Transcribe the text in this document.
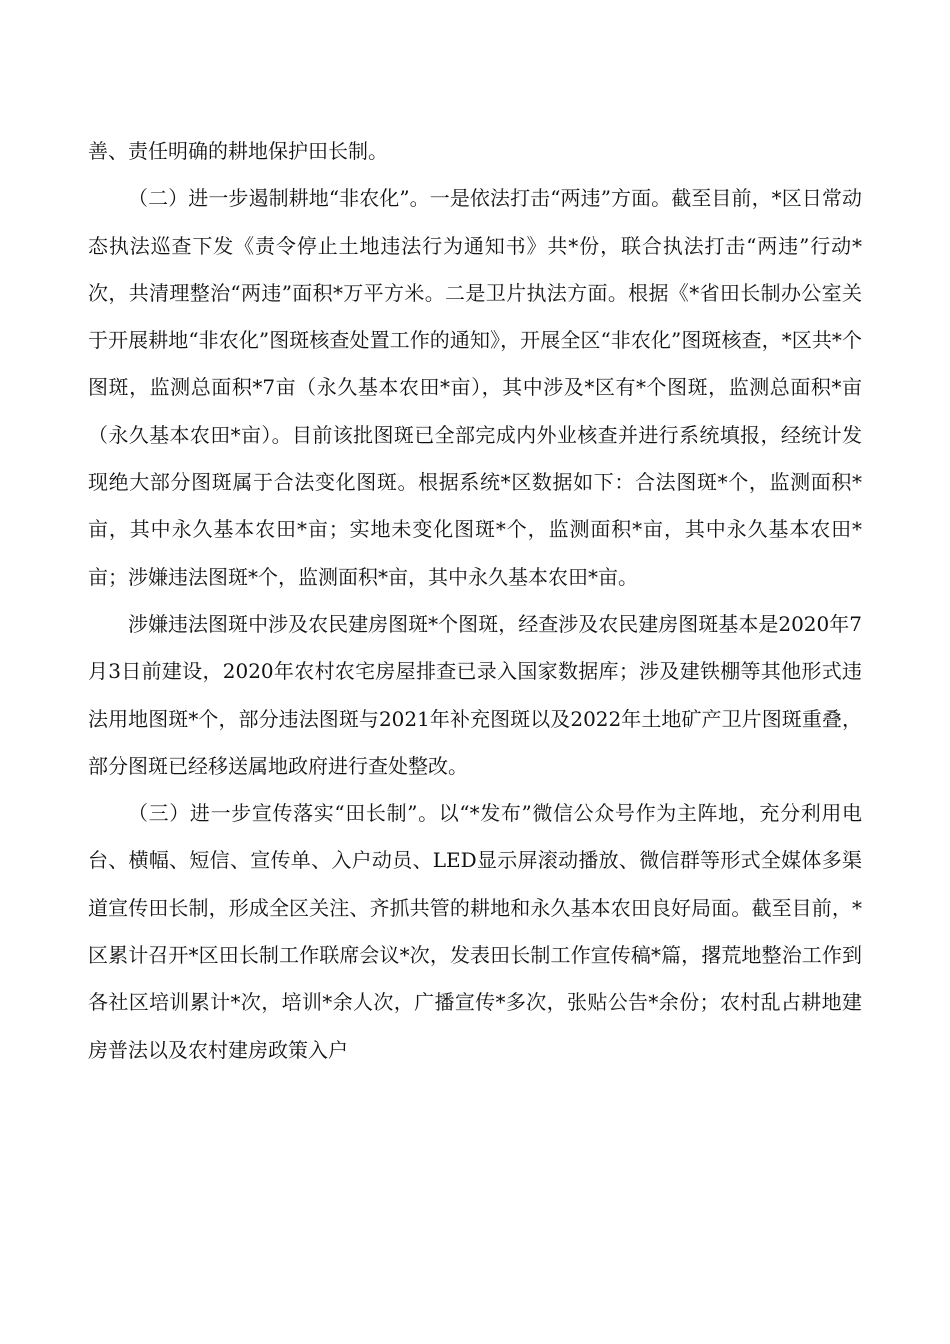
善、责任明确的耕地保护田长制。

（二）进一步遏制耕地“非农化”。一是依法打击“两违”方面。截至目前，*区日常动态执法巡查下发《责令停止土地违法行为通知书》共*份，联合执法打击“两违”行动*次，共清理整治“两违”面积*万平方米。二是卫片执法方面。根据《*省田长制办公室关于开展耕地“非农化”图斑核查处置工作的通知》，开展全区“非农化”图斑核查，*区共*个图斑，监测总面积*7亩（永久基本农田*亩），其中涉及*区有*个图斑，监测总面积*亩（永久基本农田*亩）。目前该批图斑已全部完成内外业核查并进行系统填报，经统计发现绝大部分图斑属于合法变化图斑。根据系统*区数据如下：合法图斑*个，监测面积*亩，其中永久基本农田*亩；实地未变化图斑*个，监测面积*亩，其中永久基本农田*亩；涉嫌违法图斑*个，监测面积*亩，其中永久基本农田*亩。

涉嫌违法图斑中涉及农民建房图斑*个图斑，经查涉及农民建房图斑基本是2020年7月3日前建设，2020年农村农宅房屋排查已录入国家数据库；涉及建铁棚等其他形式违法用地图斑*个，部分违法图斑与2021年补充图斑以及2022年土地矿产卫片图斑重叠，部分图斑已经移送属地政府进行查处整改。

（三）进一步宣传落实“田长制”。以“*发布”微信公众号作为主阵地，充分利用电台、横幅、短信、宣传单、入户动员、LED显示屏滚动播放、微信群等形式全媒体多渠道宣传田长制，形成全区关注、齐抓共管的耕地和永久基本农田良好局面。截至目前，*区累计召开*区田长制工作联席会议*次，发表田长制工作宣传稿*篇，撂荒地整治工作到各社区培训累计*次，培训*余人次，广播宣传*多次，张贴公告*余份；农村乱占耕地建房普法以及农村建房政策入户
